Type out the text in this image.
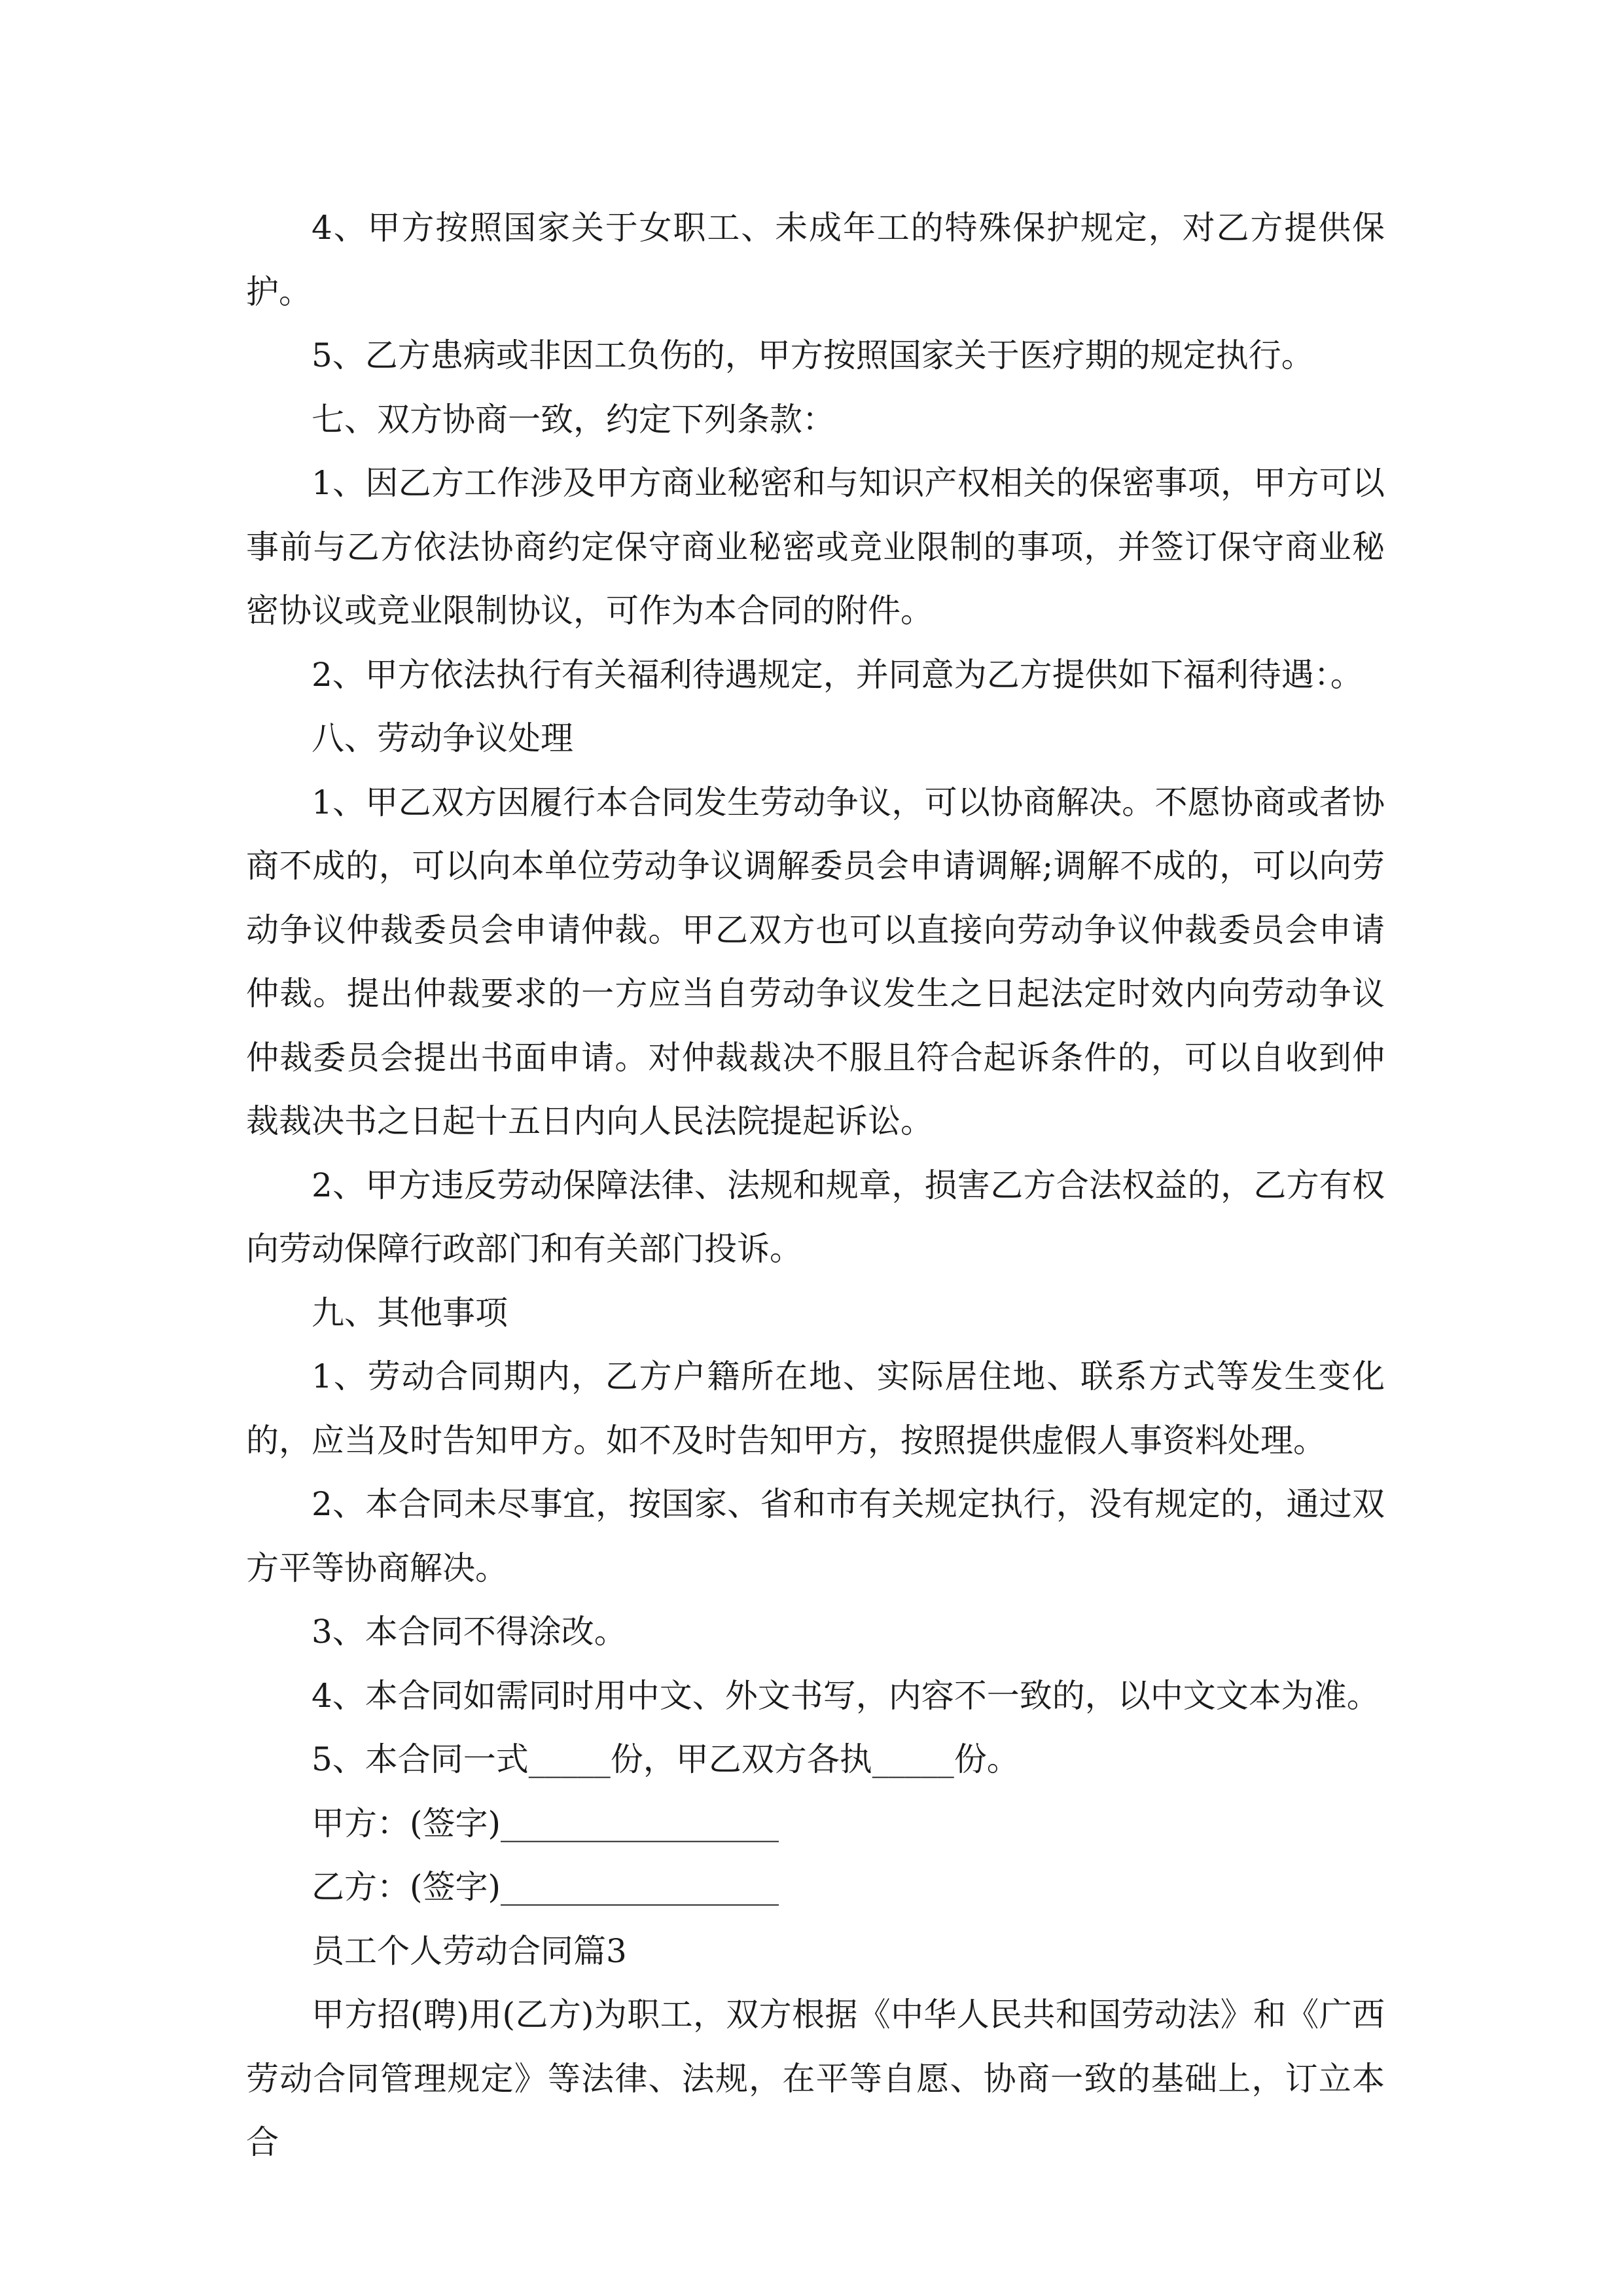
4、甲方按照国家关于女职工、未成年工的特殊保护规定，对乙方提供保护。

5、乙方患病或非因工负伤的，甲方按照国家关于医疗期的规定执行。

七、双方协商一致，约定下列条款：

1、因乙方工作涉及甲方商业秘密和与知识产权相关的保密事项，甲方可以事前与乙方依法协商约定保守商业秘密或竞业限制的事项，并签订保守商业秘密协议或竞业限制协议，可作为本合同的附件。

2、甲方依法执行有关福利待遇规定，并同意为乙方提供如下福利待遇：。

八、劳动争议处理

1、甲乙双方因履行本合同发生劳动争议，可以协商解决。不愿协商或者协商不成的，可以向本单位劳动争议调解委员会申请调解;调解不成的，可以向劳动争议仲裁委员会申请仲裁。甲乙双方也可以直接向劳动争议仲裁委员会申请仲裁。提出仲裁要求的一方应当自劳动争议发生之日起法定时效内向劳动争议仲裁委员会提出书面申请。对仲裁裁决不服且符合起诉条件的，可以自收到仲裁裁决书之日起十五日内向人民法院提起诉讼。

2、甲方违反劳动保障法律、法规和规章，损害乙方合法权益的，乙方有权向劳动保障行政部门和有关部门投诉。

九、其他事项

1、劳动合同期内，乙方户籍所在地、实际居住地、联系方式等发生变化的，应当及时告知甲方。如不及时告知甲方，按照提供虚假人事资料处理。

2、本合同未尽事宜，按国家、省和市有关规定执行，没有规定的，通过双方平等协商解决。

3、本合同不得涂改。

4、本合同如需同时用中文、外文书写，内容不一致的，以中文文本为准。

5、本合同一式_____份，甲乙双方各执_____份。

甲方：(签字)_________________

乙方：(签字)_________________

员工个人劳动合同篇3

甲方招(聘)用(乙方)为职工，双方根据《中华人民共和国劳动法》和《广西劳动合同管理规定》等法律、法规，在平等自愿、协商一致的基础上，订立本合
